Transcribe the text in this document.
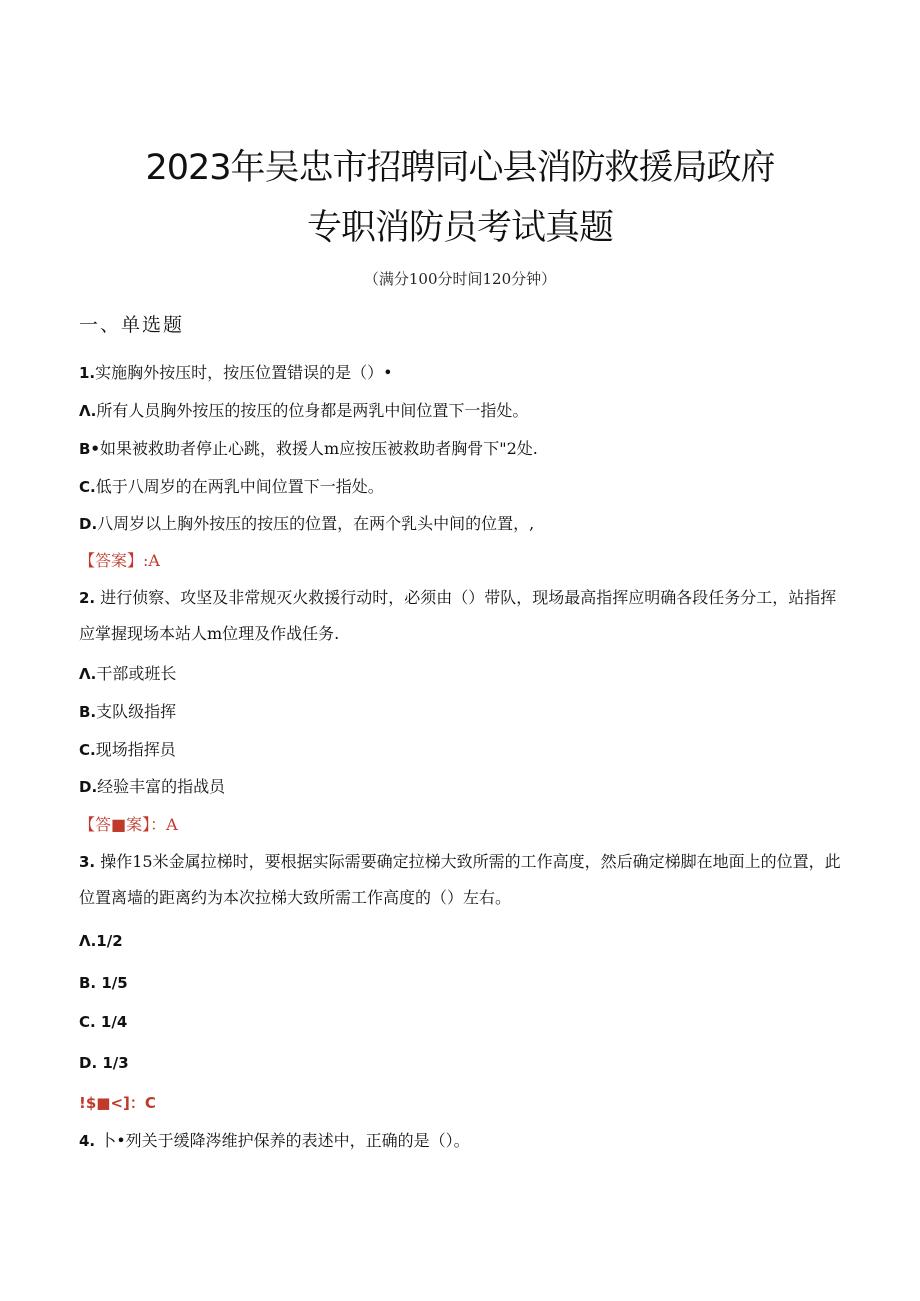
2023年吴忠市招聘同心县消防救援局政府
专职消防员考试真题
（满分100分时间120分钟）
一、单选题
1.实施胸外按压时，按压位置错误的是（）•
Λ.所有人员胸外按压的按压的位身都是两乳中间位置下一指处。
B•如果被救助者停止心跳，救援人m应按压被救助者胸骨下"2处.
C.低于八周岁的在两乳中间位置下一指处。
D.八周岁以上胸外按压的按压的位置，在两个乳头中间的位置，,
【答案】:A
2. 进行侦察、攻坚及非常规灭火救援行动时，必须由（）带队，现场最高指挥应明确各段任务分工，站指挥应掌握现场本站人m位理及作战任务.
Λ.干部或班长
B.支队级指挥
C.现场指挥员
D.经验丰富的指战员
【答■案】：A
3. 操作15米金属拉梯时，要根据实际需要确定拉梯大致所需的工作高度，然后确定梯脚在地面上的位置，此位置离墙的距离约为本次拉梯大致所需工作高度的（）左右。
Λ.1/2
B. 1/5
C. 1/4
D. 1/3
!$■<]：C
4. 卜•列关于缓降涔维护保养的表述中，正确的是（）。
